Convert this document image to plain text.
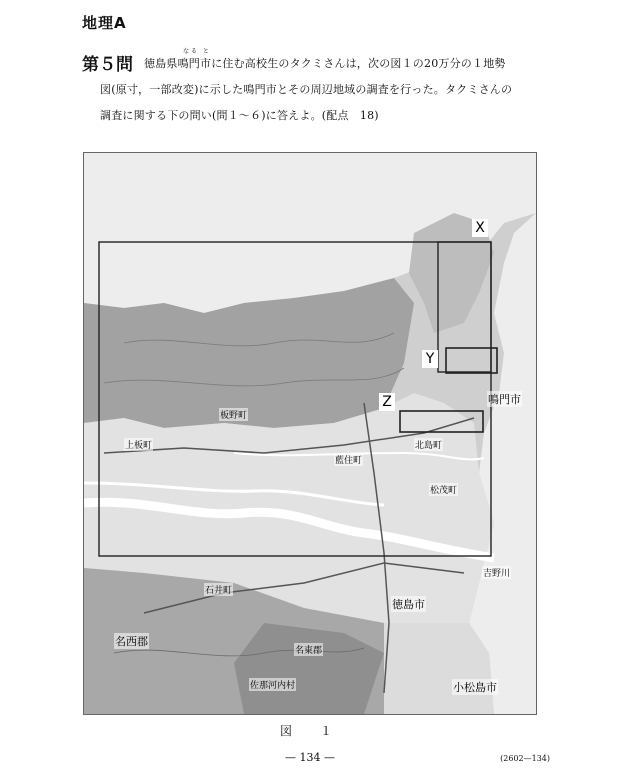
地理A
第５問
なる と
徳島県鳴門市に住む高校生のタクミさんは，次の図１の20万分の１地勢
図(原寸，一部改変)に示した鳴門市とその周辺地域の調査を行った。タクミさんの
調査に関する下の問い(問１～６)に答えよ。(配点　18)
X
Y
Z	鳴門市
徳島市
小松島市
吉野川
北島町
松茂町
藍住町
板野町
上板町
石井町
名西郡
名東郡
佐那河内村
図　１
— 134 —	(2602—134)
